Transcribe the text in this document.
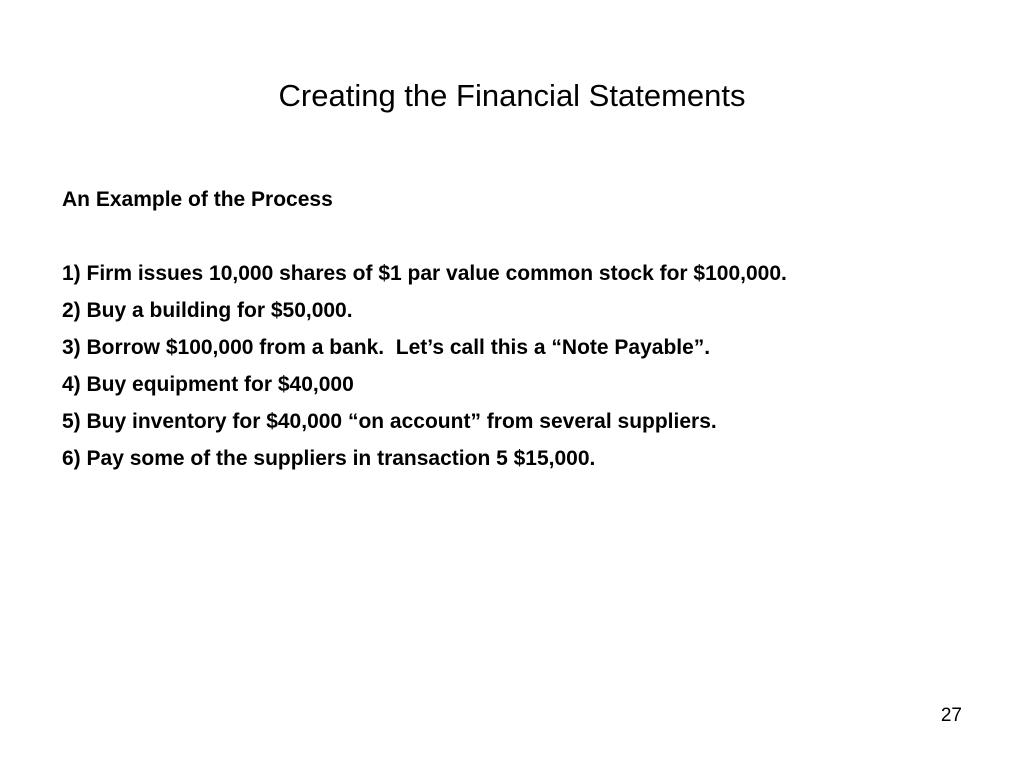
Creating the Financial Statements
An Example of the Process
1) Firm issues 10,000 shares of $1 par value common stock for $100,000.
2) Buy a building for $50,000.
3) Borrow $100,000 from a bank.  Let’s call this a “Note Payable”.
4) Buy equipment for $40,000
5) Buy inventory for $40,000 “on account” from several suppliers.
6) Pay some of the suppliers in transaction 5 $15,000.
27
